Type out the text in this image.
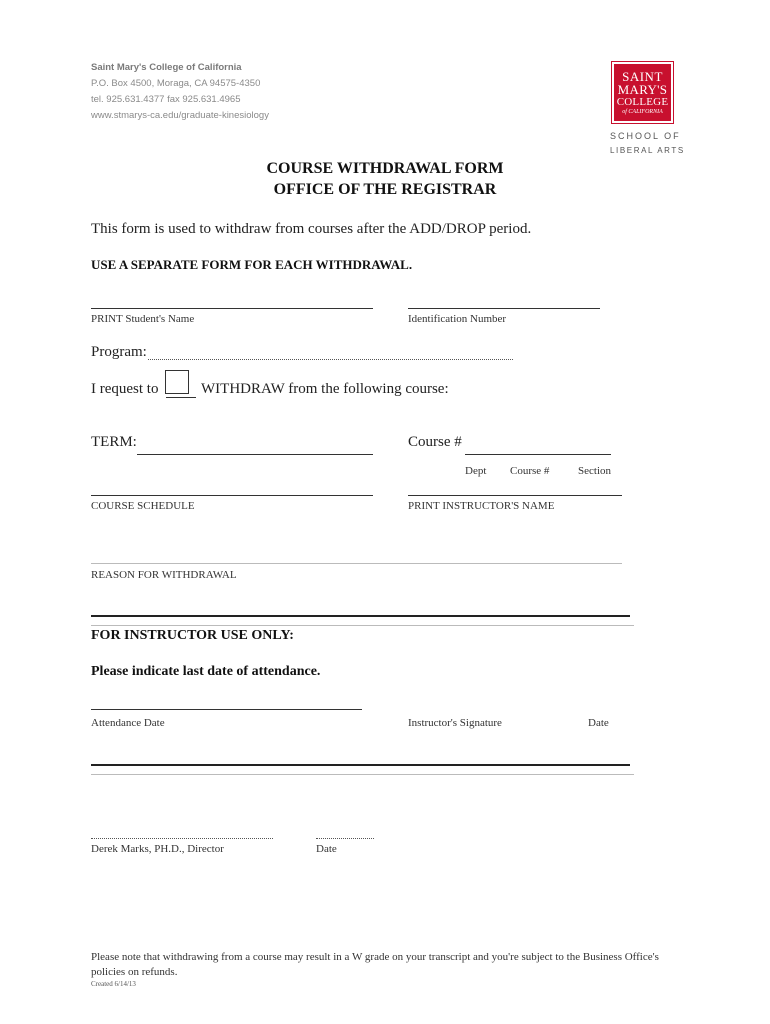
Saint Mary's College of California
P.O. Box 4500, Moraga, CA 94575-4350
tel. 925.631.4377 fax 925.631.4965
www.stmarys-ca.edu/graduate-kinesiology
SAINT
MARY'S
COLLEGE
of CALIFORNIA
SCHOOL OF
LIBERAL ARTS
COURSE WITHDRAWAL FORM
OFFICE OF THE REGISTRAR
This form is used to withdraw from courses after the ADD/DROP period.
USE A SEPARATE FORM FOR EACH WITHDRAWAL.
PRINT Student's Name	Identification Number
Program:
I request to	WITHDRAW from the following course:
TERM:	Course #
Dept Course #	Section
COURSE SCHEDULE	PRINT INSTRUCTOR'S NAME
REASON FOR WITHDRAWAL
FOR INSTRUCTOR USE ONLY:
Please indicate last date of attendance.
Attendance Date	Instructor's Signature	Date
Derek Marks, PH.D., Director	Date
Please note that withdrawing from a course may result in a W grade on your transcript and you're subject to the Business Office's policies on refunds.
Created 6/14/13
